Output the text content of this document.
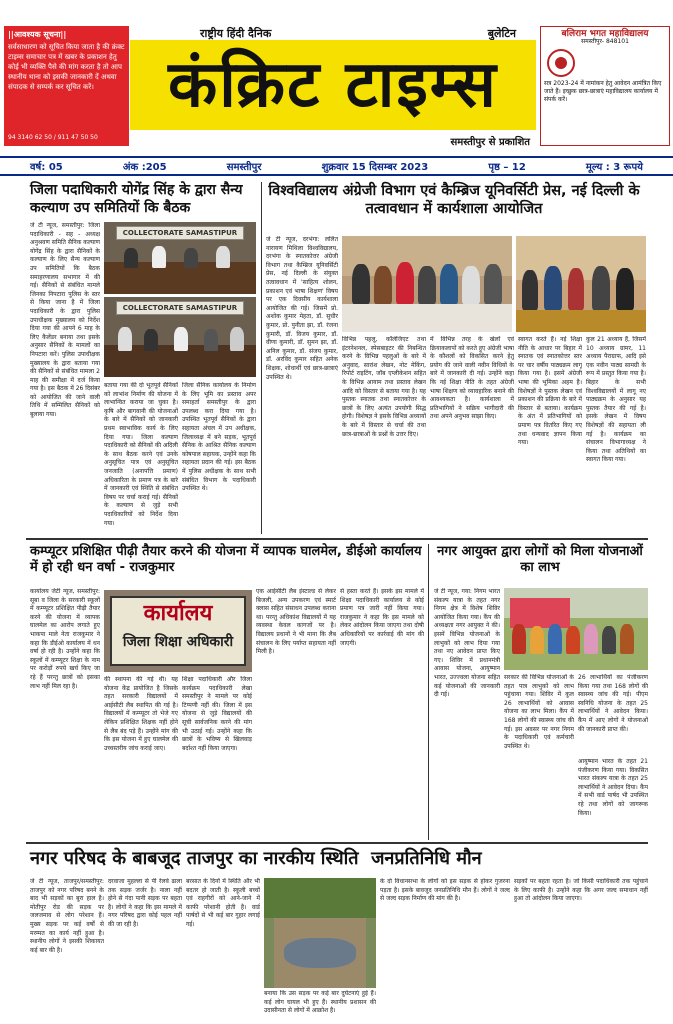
||आवश्यक सूचना||
सर्वसाधारण को सूचित किया जाता है की क्रंक्ट टाइम्स समाचार पत्र में खबर के प्रकाशन हेतु कोई भी व्यक्ति पैसे की मांग करता है तो आप स्थानीय थाना को इसकी जानकारी दें अथवा संपादक से सम्पर्क कर सूचित करें।
94 3140 62 50 / 911 47 50 50
राष्ट्रीय हिंदी दैनिक	बुलेटिन
कंक्रिट टाइम्स
समस्तीपुर से प्रकाशित
बलिराम भगत महाविद्यालय
समस्तीपुर- 848101
सत्र 2023-24 में नामांकन हेतु आवेदन आमंत्रित किए जाते हैं। इच्छुक छात्र-छात्राएं महाविद्यालय कार्यालय में संपर्क करें।
वर्ष: 05	अंक :205	समस्तीपुर	शुक्रवार 15 दिसम्बर 2023	पृष्ठ – 12	मूल्य : 3 रूपये
जिला पदाधिकारी योगेंद्र सिंह के द्वारा सैन्य कल्याण उप समितियों कि बैठक
COLLECTORATE SAMASTIPUR
COLLECTORATE SAMASTIPUR
जे टी न्यूज, समस्तीपुर: जिला पदाधिकारी - सह - अध्यक्ष अनुश्रवण समिति सैनिक कल्याण योगेंद्र सिंह के द्वारा सैनिकों के कल्याण के लिए सैन्य कल्याण उप समितियों कि बैठक समाहरणालय सभागार में की गई। सैनिकों से संबंधित मामले जिनका निपटारा पुलिस के स्तर से किया जाना है में जिला पदाधिकारी के द्वारा पुलिस उपाधीक्षक मुख्यालय को निर्देश दिया गया की आपने 6 माह के लिए कैलेंडर बनाया तथा इसके अनुसार सैनिकों के मामलों का निपटारा करें। पुलिस उपाधीक्षक मुख्यालय के द्वारा बताया गया की सैनिकों से संबंधित मामला 2 माह की समीक्षा में दर्ज किया गया है। इस बैठक में 26 दिसंबर को आयोजित की जाने वाली तिथि में सम्मिलित सैनिकों को बुलाया गया।
बताया गया की दो भूतपूर्व सैनिकों को लाभांश निर्माण की योजना में लाभान्वित कराया जा चुका है। कृषि और बागवानी की योजनाओं के बारे में सैनिकों को जानकारी प्रथम स्वाभाविक कार्य के लिए दिया गया। जिला कल्याण पदाधिकारी को सैनिकों की अदिली के साथ बैठक करने एवं उनके अनुसूचित पात्र एवं अनुसूचित जनजाति (अनापत्ति प्रमाण) अधिकारिता के प्रमाण पत्र के बारे में जानकारी एवं स्थिति से संबंधित विषय पर चर्चा कराई गई। सैनिकों के कल्याण से जुड़े सभी पदाधिकारियों को निर्देश दिया गया।
जिला सैनिक कार्यालय के निर्माण के लिए भूमि का प्रस्ताव अपर समाहर्ता समस्तीपुर के द्वारा उपलब्ध करा दिया गया है। उपस्थित भूतपूर्व सैनिकों के द्वारा सहायता अंचल में उप अधीक्षक, जिलाध्यक्ष में बने सड़क, भूतपूर्व सैनिक के आश्रित सैनिक कल्याण कोषपाल सहायक, उन्होंने कहा कि सहायता प्रदान की गई। इस बैठक में पुलिस अधीक्षक के साथ सभी संबंधित विभाग के पदाधिकारी उपस्थित थे।
विश्वविद्यालय अंग्रेजी विभाग एवं कैम्ब्रिज यूनिवर्सिटी प्रेस, नई दिल्ली के तत्वावधान में कार्यशाला आयोजित
जे टी न्यूज, दरभंगा: ललित नारायण मिथिला विश्वविद्यालय, दरभंगा के स्नातकोत्तर अंग्रेजी विभाग तथा कैम्ब्रिज यूनिवर्सिटी प्रेस, नई दिल्ली के संयुक्त तत्वावधान में 'साहित्य शोलन, प्रकाशन एवं भाषा शिक्षण' विषय पर एक दिवसीय कार्यशाला आयोजित की गई। जिसमें प्रो. अशोक कुमार मेहता, डॉ. सुधीर कुमार, प्रो. पुनीता झा, डॉ. रंजना कुमारी, डॉ. विजय कुमार, डॉ. वीणा कुमारी, डॉ. सुमन झा, डॉ. अनिल कुमार, डॉ. संजय कुमार, डॉ. अरविंद कुमार सहित अनेक शिक्षक, शोधार्थी एवं छात्र-छात्राएं उपस्थित थे।
विभिन्न पहलू, कॉलेजिएट तथा इंटरनेशनल, स्पेसबाइटर की निबन्धित करने के विभिन्न पहलुओं के बारे में अनुवाद, सारांश लेखन, नोट मेकिंग, रिपोर्ट राइटिंग, जॉब एप्लीकेशन सहित के विभिन्न आयाम तथा प्रस्ताव लेखन आदि को विस्तार से बताया गया है। यह पुस्तक स्नातक तथा स्नातकोत्तर के छात्रों के लिए अत्यंत उपयोगी सिद्ध होगी। विशेषज्ञ ने इसके विभिन्न अध्यायों के बारे में विस्तार से चर्चा की तथा छात्र-छात्राओं के प्रश्नों के उत्तर दिए।
में विभिन्न तरह के खेलों एवं क्रियाकलापों को करते हुए अंग्रेजी भाषा के कौशलों को विकसित करने हेतु प्रयोग की जाने वाली नवीन विधियों के बारे में जानकारी दी गई। उन्होंने कहा कि नई शिक्षा नीति के तहत अंग्रेजी भाषा शिक्षण को व्यावहारिक बनाने की आवश्यकता है। कार्यशाला में प्रतिभागियों ने सक्रिय भागीदारी की तथा अपने अनुभव साझा किए।
स्वागत करते हैं। नई शिक्षा नीति के आधार पर बिहार में स्नातक एवं स्नातकोत्तर स्तर पर चार वर्षीय पाठ्यक्रम लागू किया गया है। इसमें अंग्रेजी भाषा की भूमिका अहम है। विशेषज्ञों ने पुस्तक लेखन एवं प्रकाशन की प्रक्रिया के बारे में विस्तार से बताया। कार्यक्रम के अंत में प्रतिभागियों को प्रमाण पत्र वितरित किए गए तथा धन्यवाद ज्ञापन किया गया।
कुल 21 अध्याय हैं, जिसमें 10 अध्याय ग्रामर, 11 अध्याय पैराग्राफ, आदि इसे एक नवीन पाठ्य सामग्री के रूप में प्रस्तुत किया गया है। बिहार के सभी विश्वविद्यालयों में लागू नए पाठ्यक्रम के अनुसार यह पुस्तक तैयार की गई है। इसके लेखन में विषय विशेषज्ञों की सहायता ली गई है। कार्यक्रम का संचालन विभागाध्यक्ष ने किया तथा अतिथियों का स्वागत किया गया।
कम्प्यूटर प्रशिक्षित पीढ़ी तैयार करने की योजना में व्यापक घालमेल, डीईओ कार्यालय में हो रही धन वर्षा - राजकुमार
कार्यालय जेटी न्यूज, समस्तीपुर: सूबा व जिला के सरकारी स्कूलों में कम्प्यूटर प्रशिक्षित पीढ़ी तैयार करने की योजना में व्यापक घालमेल का आरोप लगाते हुए भाकपा माले नेता राजकुमार ने कहा कि डीईओ कार्यालय में धन वर्षा हो रही है। उन्होंने कहा कि स्कूलों में कम्प्यूटर शिक्षा के नाम पर करोड़ों रुपये खर्च किए जा रहे हैं परन्तु छात्रों को इसका लाभ नहीं मिल रहा है।
कार्यालय
जिला शिक्षा अधिकारी
की स्थापना की गई थी। यह योजना केंद्र प्रायोजित है जिसके तहत सरकारी विद्यालयों में आईसीटी लैब स्थापित की गई है। विद्यालयों में कम्प्यूटर तो भेजे गए लेकिन प्रशिक्षित शिक्षक नहीं होने से लैब बंद पड़े हैं। उन्होंने मांग की कि इस योजना में हुए घालमेल की उच्चस्तरीय जांच कराई जाए।
शिक्षा पदाधिकारी और जिला कार्यक्रम पदाधिकारी लेखा समस्तीपुर ने मामले पर कोई टिप्पणी नहीं की। जिला में इस योजना से जुड़े विद्यालयों की सूची सार्वजनिक करने की मांग भी उठाई गई। उन्होंने कहा कि छात्रों के भविष्य से खिलवाड़ बर्दाश्त नहीं किया जाएगा।
एक आईसीटी लैब इंस्टाल्ड से लेकर बिजली, अन्य उपकरण एवं स्मार्ट क्लास सहित संसाधन उपलब्ध कराना था। परन्तु अधिकांश विद्यालयों में यह व्यवस्था केवल कागजों पर है। विद्यालय प्रधानों ने भी माना कि लैब संचालन के लिए पर्याप्त सहायता नहीं मिली है।
से हस्ता करते हैं। इसके इस मामले में शिक्षा पदाधिकारी कार्यालय से कोई प्रमाण पत्र जारी नहीं किया गया। राजकुमार ने कहा कि इस मामले को लेकर आंदोलन किया जाएगा तथा दोषी अधिकारियों पर कार्रवाई की मांग की जाएगी।
नगर आयुक्त द्वारा लोगों को मिला योजनाओं का लाभ
जे टी न्यूज, गया: निगम भारत संकल्प यात्रा के तहत नगर निगम क्षेत्र में विशेष शिविर आयोजित किया गया। कैंप की अध्यक्षता नगर आयुक्त ने की। इसमें विभिन्न योजनाओं के लाभुकों को लाभ दिया गया तथा नए आवेदन प्राप्त किए गए। शिविर में प्रधानमंत्री आवास योजना, आयुष्मान भारत, उज्ज्वला योजना सहित कई योजनाओं की जानकारी दी गई।
सरकार की विभिन्न योजनाओं के तहत पात्र लाभुकों को लाभ पहुंचाया गया। शिविर में कुल 26 लाभार्थियों को आवास योजना का लाभ मिला। कैंप में 168 लोगों की स्वास्थ्य जांच की गई। इस अवसर पर नगर निगम के पदाधिकारी एवं कर्मचारी उपस्थित थे।
26 लाभार्थियों का पंजीकरण किया गया तथा 168 लोगों की स्वास्थ्य जांच की गई। पीएम स्वनिधि योजना के तहत 25 लाभार्थियों ने आवेदन किया। कैंप में आए लोगों ने योजनाओं की जानकारी प्राप्त की।
आयुष्मान भारत के तहत 21 पंजीकरण किया गया। विकसित भारत संकल्प यात्रा के तहत 25 लाभार्थियों ने आवेदन दिया। कैंप में सभी वार्ड पार्षद भी उपस्थित रहे तथा लोगों को जागरूक किया।
नगर परिषद के बाबजूद ताजपुर का नारकीय स्थिति  जनप्रतिनिधि मौन
जे टी न्यूज, ताजपुर/समस्तीपुर: ताजपुर को नगर परिषद बनने के बाद भी सड़कों का बुरा हाल है। मोतीपुर रोड की सड़क पर जलजमाव से लोग परेशान हैं। मुख्य सड़क पर कई वर्षों से मरम्मत का कार्य नहीं हुआ है। स्थानीय लोगों ने इसकी शिकायत कई बार की है।
दरवाजा मुहल्ला से पी रेलवे ढाला तक सड़क जर्जर है। नाला नहीं होने से गंदा पानी सड़क पर बहता है। लोगों ने कहा कि इस मामले में नगर परिषद द्वारा कोई पहल नहीं की जा रही है।
बरसात के दिनों में स्थिति और भी बदतर हो जाती है। स्कूली बच्चों एवं राहगीरों को आने-जाने में काफी परेशानी होती है। वार्ड पार्षदों से भी कई बार गुहार लगाई गई।
बनाया कि उस सड़क पर कई बार दुर्घटनाएं हुई हैं। कई लोग घायल भी हुए हैं। स्थानीय प्रशासन की उदासीनता से लोगों में आक्रोश है।
के दो विधानसभा के लोगों को इस सड़क से होकर गुजरना पड़ता है। इसके बावजूद जनप्रतिनिधि मौन हैं। लोगों ने जल्द से जल्द सड़क निर्माण की मांग की है।
सड़कों पर बहता रहता है। जो किसी पदाधिकारी तक पहुंचाने के लिए काफी है। उन्होंने कहा कि अगर जल्द समाधान नहीं हुआ तो आंदोलन किया जाएगा।
